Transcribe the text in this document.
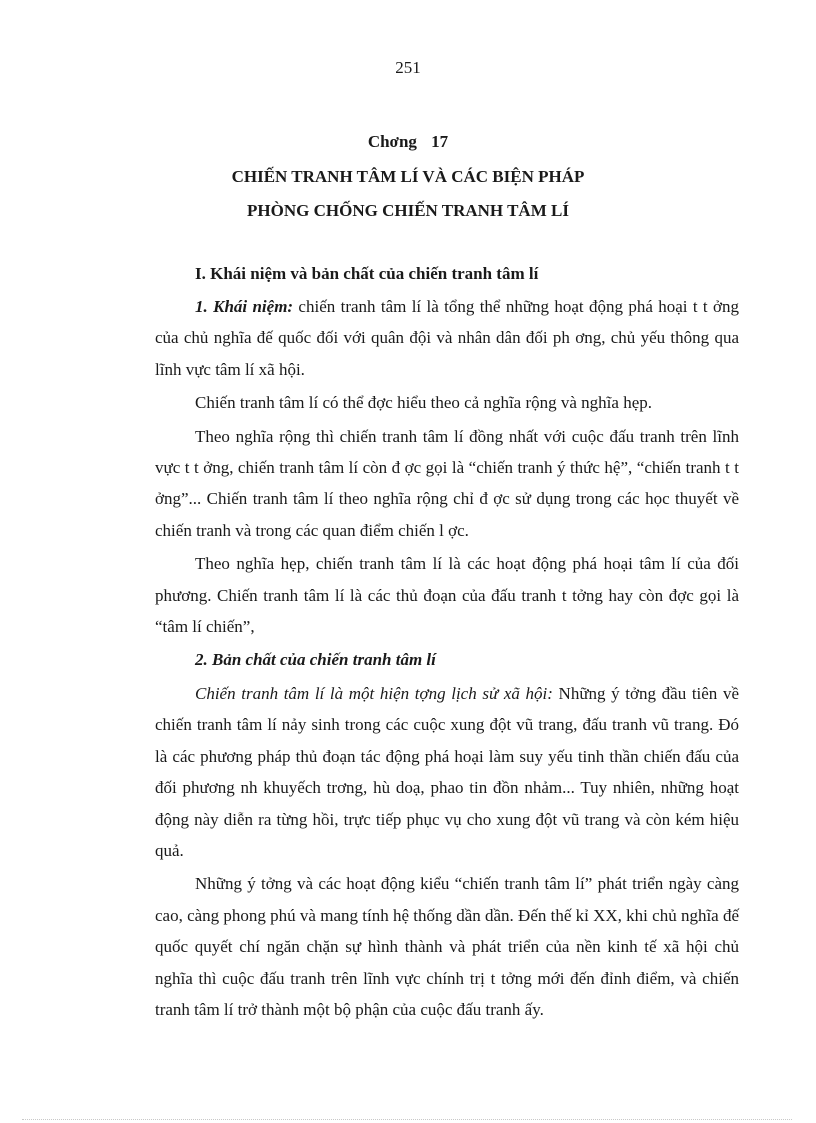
251
Chơng 17
CHIẾN TRANH TÂM LÍ VÀ CÁC BIỆN PHÁP
PHÒNG CHỐNG CHIẾN TRANH TÂM LÍ
I. Khái niệm và bản chất của chiến tranh tâm lí

1. Khái niệm: chiến tranh tâm lí là tổng thể những hoạt động phá hoại t t ởng của chủ nghĩa đế quốc đối với quân đội và nhân dân đối ph ơng, chủ yếu thông qua lĩnh vực tâm lí xã hội.

Chiến tranh tâm lí có thể đợc hiểu theo cả nghĩa rộng và nghĩa hẹp.

Theo nghĩa rộng thì chiến tranh tâm lí đồng nhất với cuộc đấu tranh trên lĩnh vực t t ởng, chiến tranh tâm lí còn đ ợc gọi là “chiến tranh ý thức hệ”, “chiến tranh t t ởng”... Chiến tranh tâm lí theo nghĩa rộng chỉ đ ợc sử dụng trong các học thuyết về chiến tranh và trong các quan điểm chiến l ợc.

Theo nghĩa hẹp, chiến tranh tâm lí là các hoạt động phá hoại tâm lí của đối phương. Chiến tranh tâm lí là các thủ đoạn của đấu tranh t tởng hay còn đợc gọi là “tâm lí chiến”,

2. Bản chất của chiến tranh tâm lí

Chiến tranh tâm lí là một hiện tợng lịch sử xã hội: Những ý tởng đầu tiên về chiến tranh tâm lí nảy sinh trong các cuộc xung đột vũ trang, đấu tranh vũ trang. Đó là các phương pháp thủ đoạn tác động phá hoại làm suy yếu tinh thần chiến đấu của đối phương nh khuyếch trơng, hù doạ, phao tin đồn nhảm... Tuy nhiên, những hoạt động này diễn ra từng hồi, trực tiếp phục vụ cho xung đột vũ trang và còn kém hiệu quả.

Những ý tởng và các hoạt động kiểu “chiến tranh tâm lí” phát triển ngày càng cao, càng phong phú và mang tính hệ thống dần dần. Đến thế kỉ XX, khi chủ nghĩa đế quốc quyết chí ngăn chặn sự hình thành và phát triển của nền kinh tế xã hội chủ nghĩa thì cuộc đấu tranh trên lĩnh vực chính trị t tởng mới đến đỉnh điểm, và chiến tranh tâm lí trở thành một bộ phận của cuộc đấu tranh ấy.
